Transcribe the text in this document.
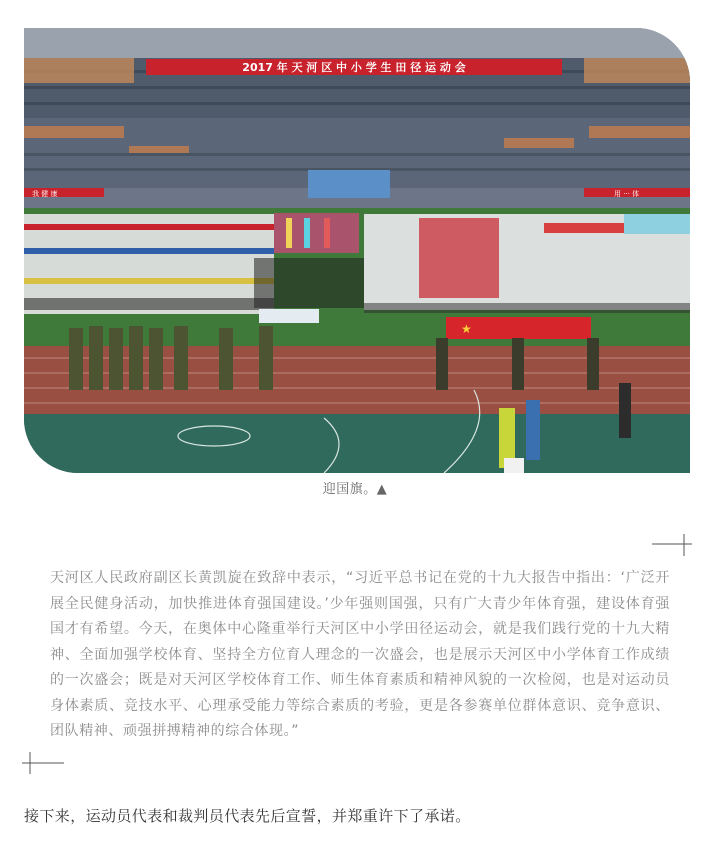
2017 年 天 河 区 中 小 学 生 田 径 运 动 会
我 健 康	用 ··· 体
★
迎国旗。▲
天河区人民政府副区长黄凯旋在致辞中表示，“习近平总书记在党的十九大报告中指出：‘广泛开展全民健身活动，加快推进体育强国建设。’少年强则国强，只有广大青少年体育强，建设体育强国才有希望。今天，在奥体中心隆重举行天河区中小学田径运动会，就是我们践行党的十九大精神、全面加强学校体育、坚持全方位育人理念的一次盛会，也是展示天河区中小学体育工作成绩的一次盛会；既是对天河区学校体育工作、师生体育素质和精神风貌的一次检阅，也是对运动员身体素质、竞技水平、心理承受能力等综合素质的考验，更是各参赛单位群体意识、竞争意识、团队精神、顽强拼搏精神的综合体现。”
接下来，运动员代表和裁判员代表先后宣誓，并郑重许下了承诺。
